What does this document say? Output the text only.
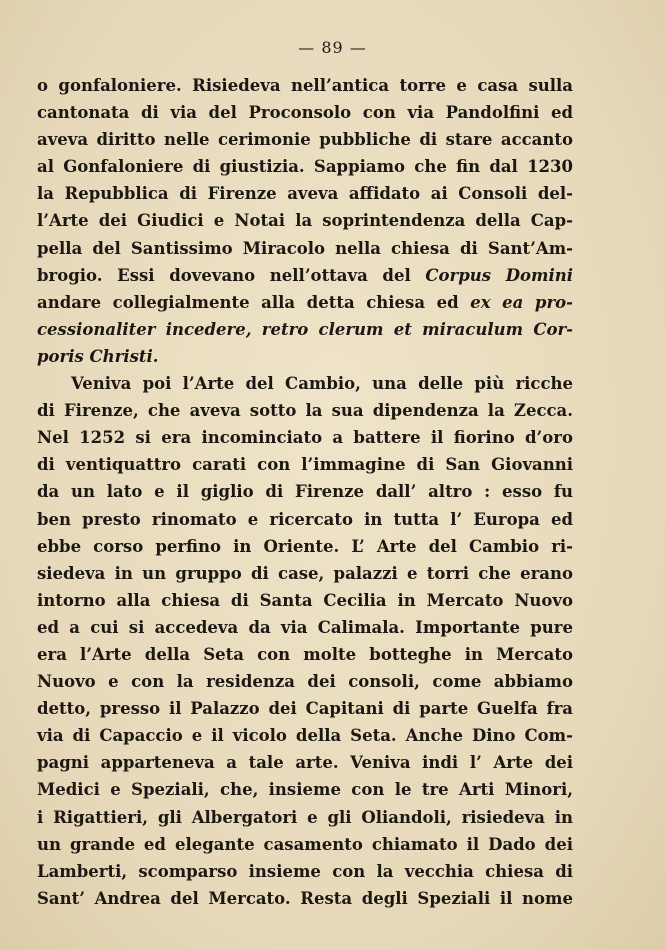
— 89 —
o gonfaloniere. Risiedeva nell’antica torre e casa sulla
cantonata di via del Proconsolo con via Pandolfini ed
aveva diritto nelle cerimonie pubbliche di stare accanto
al Gonfaloniere di giustizia. Sappiamo che fin dal 1230
la Repubblica di Firenze aveva affidato ai Consoli del-
l’Arte dei Giudici e Notai la soprintendenza della Cap-
pella del Santissimo Miracolo nella chiesa di Sant’Am-
brogio. Essi dovevano nell’ottava del Corpus Domini
andare collegialmente alla detta chiesa ed ex ea pro-
cessionaliter incedere, retro clerum et miraculum Cor-
poris Christi.
Veniva poi l’Arte del Cambio, una delle più ricche
di Firenze, che aveva sotto la sua dipendenza la Zecca.
Nel 1252 si era incominciato a battere il fiorino d’oro
di ventiquattro carati con l’immagine di San Giovanni
da un lato e il giglio di Firenze dall’ altro : esso fu
ben presto rinomato e ricercato in tutta l’ Europa ed
ebbe corso perfino in Oriente. L’ Arte del Cambio ri-
siedeva in un gruppo di case, palazzi e torri che erano
intorno alla chiesa di Santa Cecilia in Mercato Nuovo
ed a cui si accedeva da via Calimala. Importante pure
era l’Arte della Seta con molte botteghe in Mercato
Nuovo e con la residenza dei consoli, come abbiamo
detto, presso il Palazzo dei Capitani di parte Guelfa fra
via di Capaccio e il vicolo della Seta. Anche Dino Com-
pagni apparteneva a tale arte. Veniva indi l’ Arte dei
Medici e Speziali, che, insieme con le tre Arti Minori,
i Rigattieri, gli Albergatori e gli Oliandoli, risiedeva in
un grande ed elegante casamento chiamato il Dado dei
Lamberti, scomparso insieme con la vecchia chiesa di
Sant’ Andrea del Mercato. Resta degli Speziali il nome
